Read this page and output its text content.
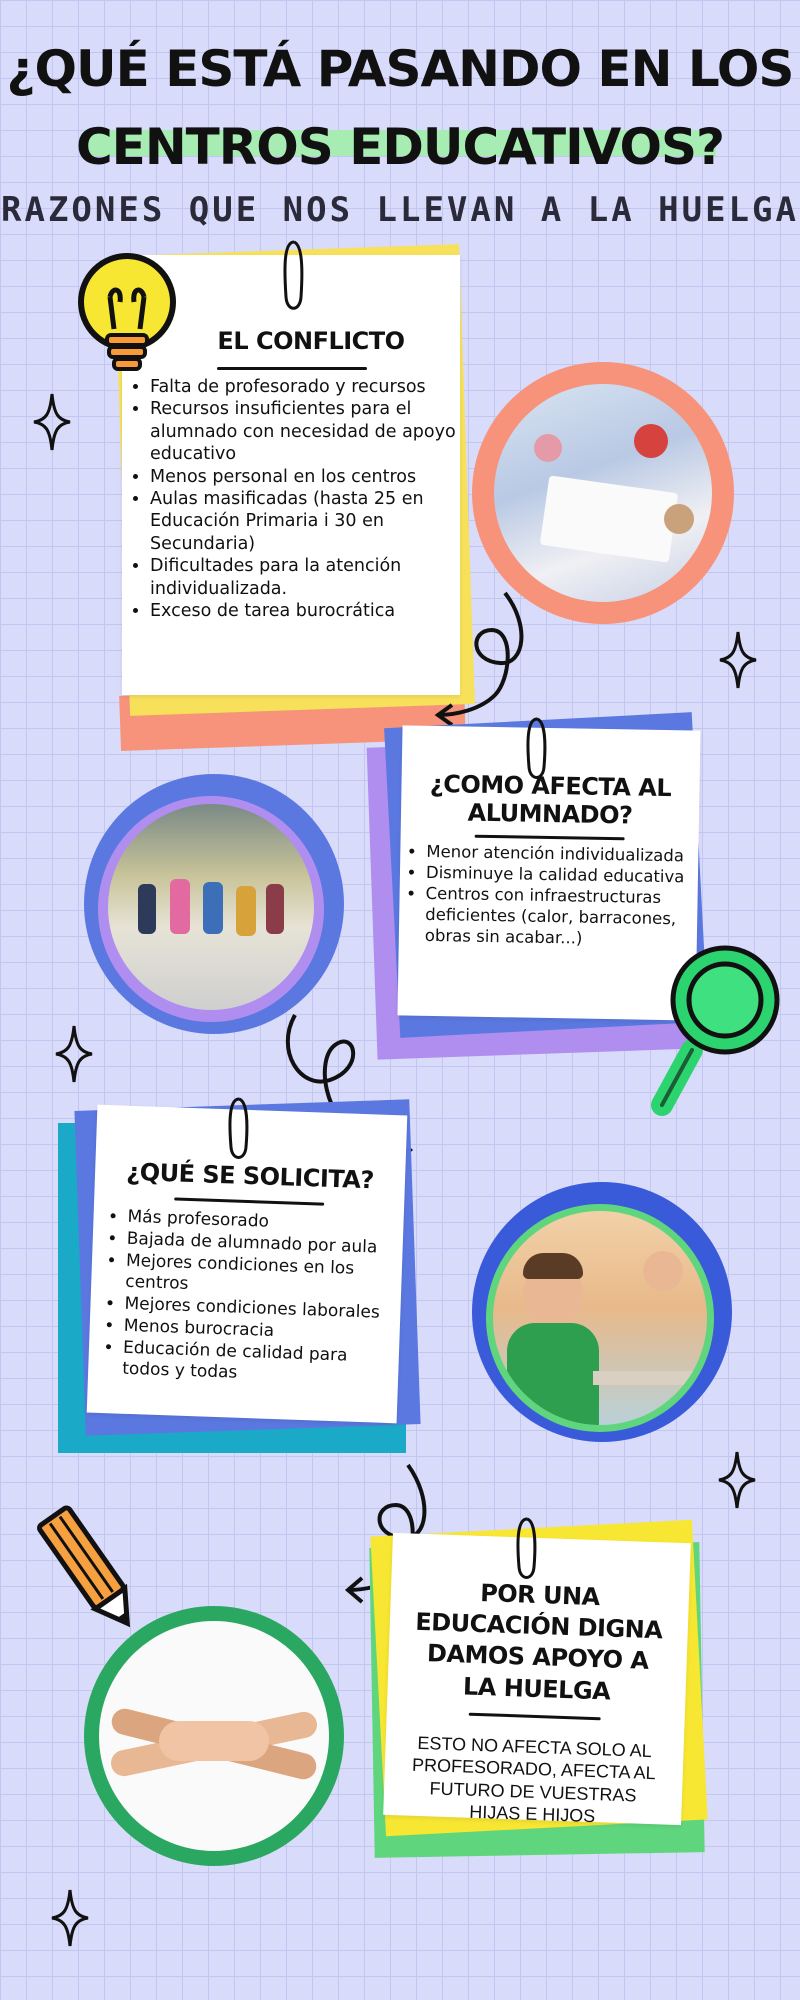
¿QUÉ ESTÁ PASANDO EN LOS
CENTROS EDUCATIVOS?
RAZONES QUE NOS LLEVAN A LA HUELGA
EL CONFLICTO
• Falta de profesorado y recursos
• Recursos insuficientes para el alumnado con necesidad de apoyo educativo
• Menos personal en los centros
• Aulas masificadas (hasta 25 en Educación Primaria i 30 en Secundaria)
• Dificultades para la atención individualizada.
• Exceso de tarea burocrática
¿COMO AFECTA AL
ALUMNADO?
• Menor atención individualizada
• Disminuye la calidad educativa
• Centros con infraestructuras deficientes (calor, barracones, obras sin acabar...)
¿QUÉ SE SOLICITA?
• Más profesorado
• Bajada de alumnado por aula
• Mejores condiciones en los centros
• Mejores condiciones laborales
• Menos burocracia
• Educación de calidad para todos y todas
POR UNA EDUCACIÓN DIGNA DAMOS APOYO A LA HUELGA
ESTO NO AFECTA SOLO AL PROFESORADO, AFECTA AL FUTURO DE VUESTRAS HIJAS E HIJOS
